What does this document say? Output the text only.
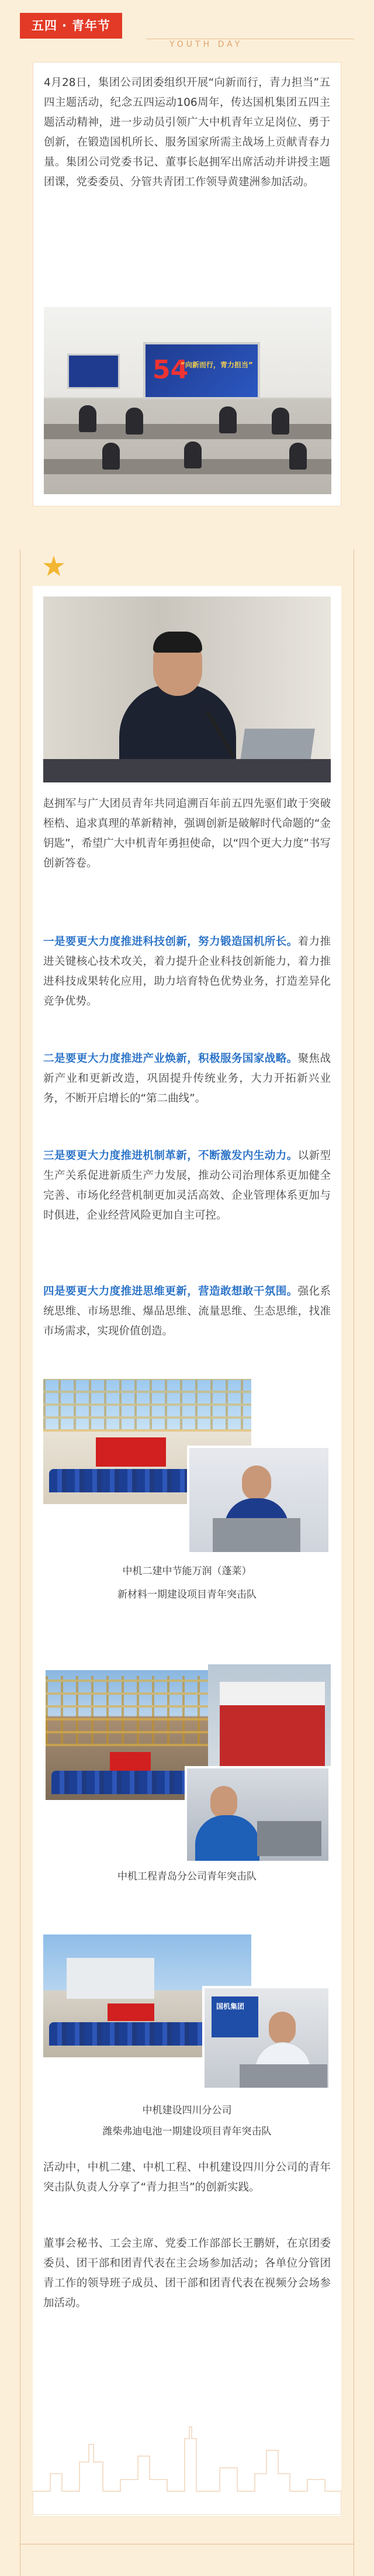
五四 · 青年节
YOUTH DAY

4月28日，集团公司团委组织开展“向新而行，青力担当”五四主题活动，纪念五四运动106周年，传达国机集团五四主题活动精神，进一步动员引领广大中机青年立足岗位、勇于创新，在锻造国机所长、服务国家所需主战场上贡献青春力量。集团公司党委书记、董事长赵拥军出席活动并讲授主题团课，党委委员、分管共青团工作领导黄建洲参加活动。

54
“向新而行，青力担当”

赵拥军与广大团员青年共同追溯百年前五四先驱们敢于突破桎梏、追求真理的革新精神，强调创新是破解时代命题的“金钥匙”，希望广大中机青年勇担使命，以“四个更大力度”书写创新答卷。

一是要更大力度推进科技创新，努力锻造国机所长。着力推进关键核心技术攻关，着力提升企业科技创新能力，着力推进科技成果转化应用，助力培育特色优势业务，打造差异化竞争优势。

二是要更大力度推进产业焕新，积极服务国家战略。聚焦战新产业和更新改造，巩固提升传统业务，大力开拓新兴业务，不断开启增长的“第二曲线”。

三是要更大力度推进机制革新，不断激发内生动力。以新型生产关系促进新质生产力发展，推动公司治理体系更加健全完善、市场化经营机制更加灵活高效、企业管理体系更加与时俱进，企业经营风险更加自主可控。

四是要更大力度推进思维更新，营造敢想敢干氛围。强化系统思维、市场思维、爆品思维、流量思维、生态思维，找准市场需求，实现价值创造。

中机二建中节能万润（蓬莱）
新材料一期建设项目青年突击队
中机工程青岛分公司青年突击队
国机集团
中机建设四川分公司
潍柴弗迪电池一期建设项目青年突击队

活动中，中机二建、中机工程、中机建设四川分公司的青年突击队负责人分享了“青力担当”的创新实践。

董事会秘书、工会主席、党委工作部部长王鹏妍，在京团委委员、团干部和团青代表在主会场参加活动；各单位分管团青工作的领导班子成员、团干部和团青代表在视频分会场参加活动。
